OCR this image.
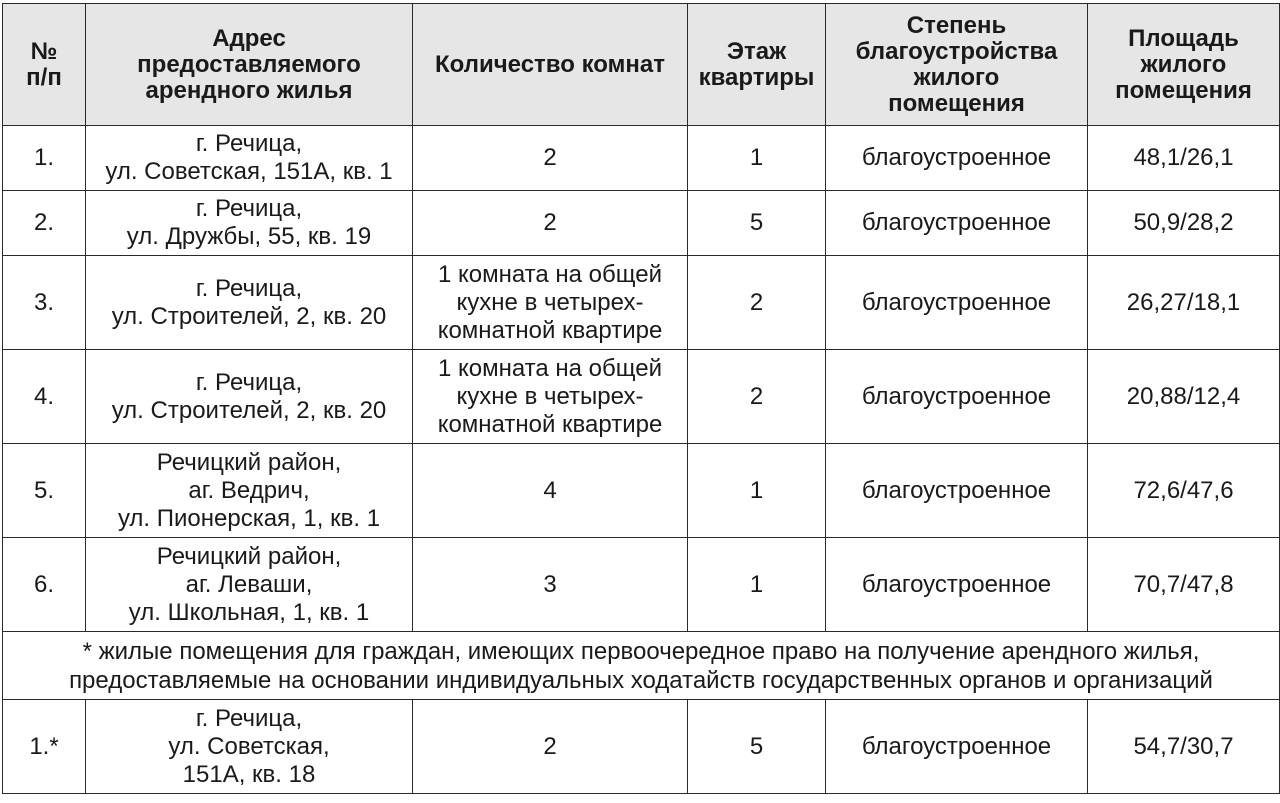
№
п/п	Адрес
предоставляемого
арендного жилья	Количество комнат	Этаж
квартиры	Степень
благоустройства
жилого
помещения	Площадь
жилого
помещения

1.	г. Речица,
ул. Советская, 151А, кв. 1	2	1	благоустроенное	48,1/26,1
2.	г. Речица,
ул. Дружбы, 55, кв. 19	2	5	благоустроенное	50,9/28,2
3.	г. Речица,
ул. Строителей, 2, кв. 20	1 комната на общей
кухне в четырех-
комнатной квартире	2	благоустроенное	26,27/18,1
4.	г. Речица,
ул. Строителей, 2, кв. 20	1 комната на общей
кухне в четырех-
комнатной квартире	2	благоустроенное	20,88/12,4
5.	Речицкий район,
аг. Ведрич,
ул. Пионерская, 1, кв. 1	4	1	благоустроенное	72,6/47,6
6.	Речицкий район,
аг. Леваши,
ул. Школьная, 1, кв. 1	3	1	благоустроенное	70,7/47,8

* жилые помещения для граждан, имеющих первоочередное право на получение арендного жилья,
предоставляемые на основании индивидуальных ходатайств государственных органов и организаций					

1.*	г. Речица,
ул. Советская,
151А, кв. 18	2	5	благоустроенное	54,7/30,7
